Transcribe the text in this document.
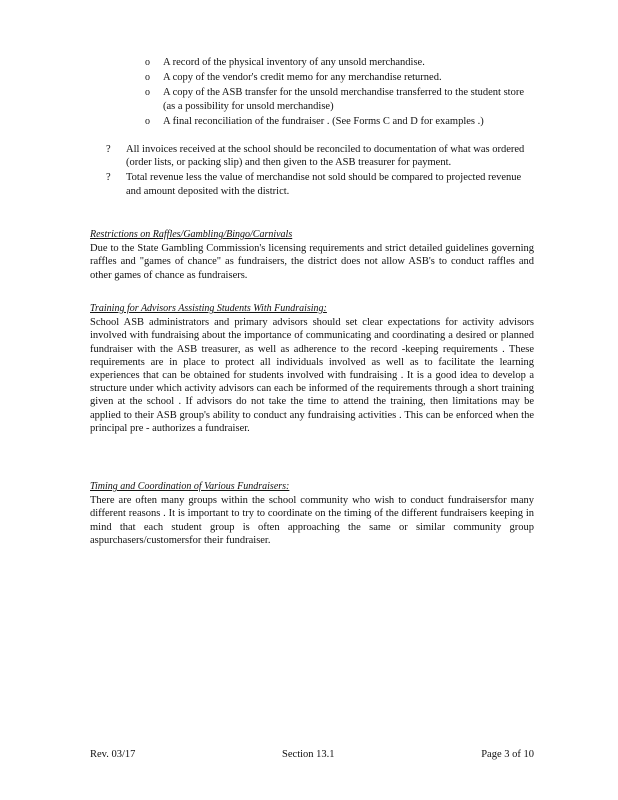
o A record of the physical inventory of any unsold merchandise.
o A copy of the vendor's credit memo for any merchandise returned.
o A copy of the ASB transfer for the unsold merchandise transferred to the student store (as a possibility for unsold merchandise)
o A final reconciliation of the fundraiser . (See Forms C and D for examples .)
? All invoices received at the school should be reconciled to documentation of what was ordered (order lists, or packing slip) and then given to the ASB treasurer for payment.
? Total revenue less the value of merchandise not sold should be compared to projected revenue and amount deposited with the district.
Restrictions on Raffles/Gambling/Bingo/Carnivals
Due to the State Gambling Commission's licensing requirements and strict detailed guidelines governing raffles and "games of chance" as fundraisers, the district does not allow ASB's to conduct raffles and other games of chance as fundraisers.
Training for Advisors Assisting Students With Fundraising:
School ASB administrators and primary advisors should set clear expectations for activity advisors involved with fundraising about the importance of communicating and coordinating a desired or planned fundraiser with the ASB treasurer, as well as adherence to the record -keeping requirements . These requirements are in place to protect all individuals involved as well as to facilitate the learning experiences that can be obtained for students involved with fundraising . It is a good idea to develop a structure under which activity advisors can each be informed of the requirements through a short training given at the school . If advisors do not take the time to attend the training, then limitations may be applied to their ASB group's ability to conduct any fundraising activities . This can be enforced when the principal pre - authorizes a fundraiser.
Timing and Coordination of Various Fundraisers:
There are often many groups within the school community who wish to conduct fundraisersfor many different reasons . It is important to try to coordinate on the timing of the different fundraisers keeping in mind that each student group is often approaching the same or similar community group aspurchasers/customersfor their fundraiser.
Rev. 03/17	Section 13.1	Page 3 of 10
